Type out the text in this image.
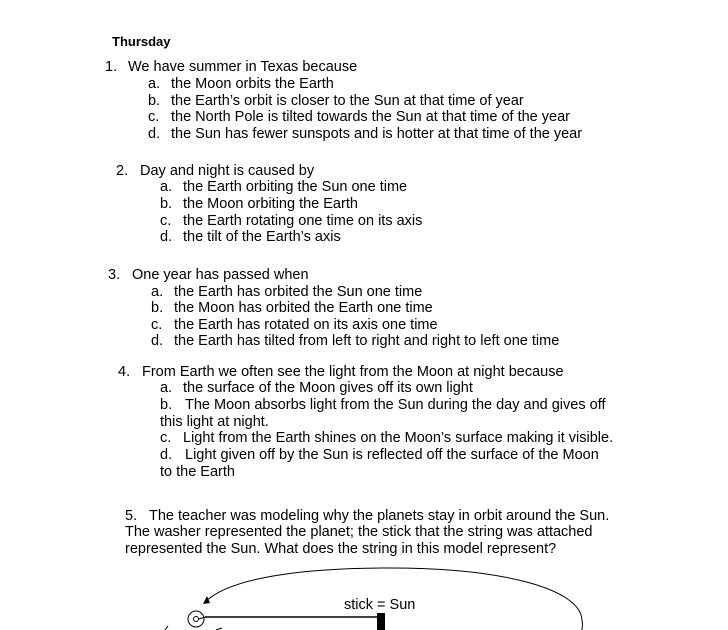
Thursday
1. We have summer in Texas because
a. the Moon orbits the Earth
b. the Earth’s orbit is closer to the Sun at that time of year
c. the North Pole is tilted towards the Sun at that time of the year
d. the Sun has fewer sunspots and is hotter at that time of the year
2. Day and night is caused by
a. the Earth orbiting the Sun one time
b. the Moon orbiting the Earth
c. the Earth rotating one time on its axis
d. the tilt of the Earth’s axis
3. One year has passed when
a. the Earth has orbited the Sun one time
b. the Moon has orbited the Earth one time
c. the Earth has rotated on its axis one time
d. the Earth has tilted from left to right and right to left one time
4. From Earth we often see the light from the Moon at night because
a. the surface of the Moon gives off its own light
b. The Moon absorbs light from the Sun during the day and gives off
this light at night.
c. Light from the Earth shines on the Moon’s surface making it visible.
d. Light given off by the Sun is reflected off the surface of the Moon
to the Earth
5. The teacher was modeling why the planets stay in orbit around the Sun.
The washer represented the planet; the stick that the string was attached
represented the Sun. What does the string in this model represent?
stick = Sun
